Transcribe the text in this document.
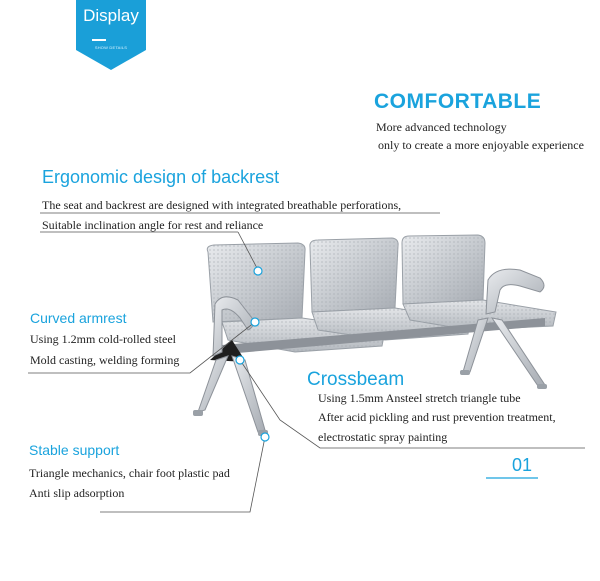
Display
SHOW DETAILS
COMFORTABLE
More advanced technology
only to create a more enjoyable experience
Ergonomic design of backrest
The seat and backrest are designed with integrated breathable perforations,
Suitable inclination angle for rest and reliance
Curved armrest
Using 1.2mm cold-rolled steel
Mold casting, welding forming
Crossbeam
Using 1.5mm Ansteel stretch triangle tube
After acid pickling and rust prevention treatment,
electrostatic spray painting
Stable support
Triangle mechanics, chair foot plastic pad
Anti slip adsorption
01
